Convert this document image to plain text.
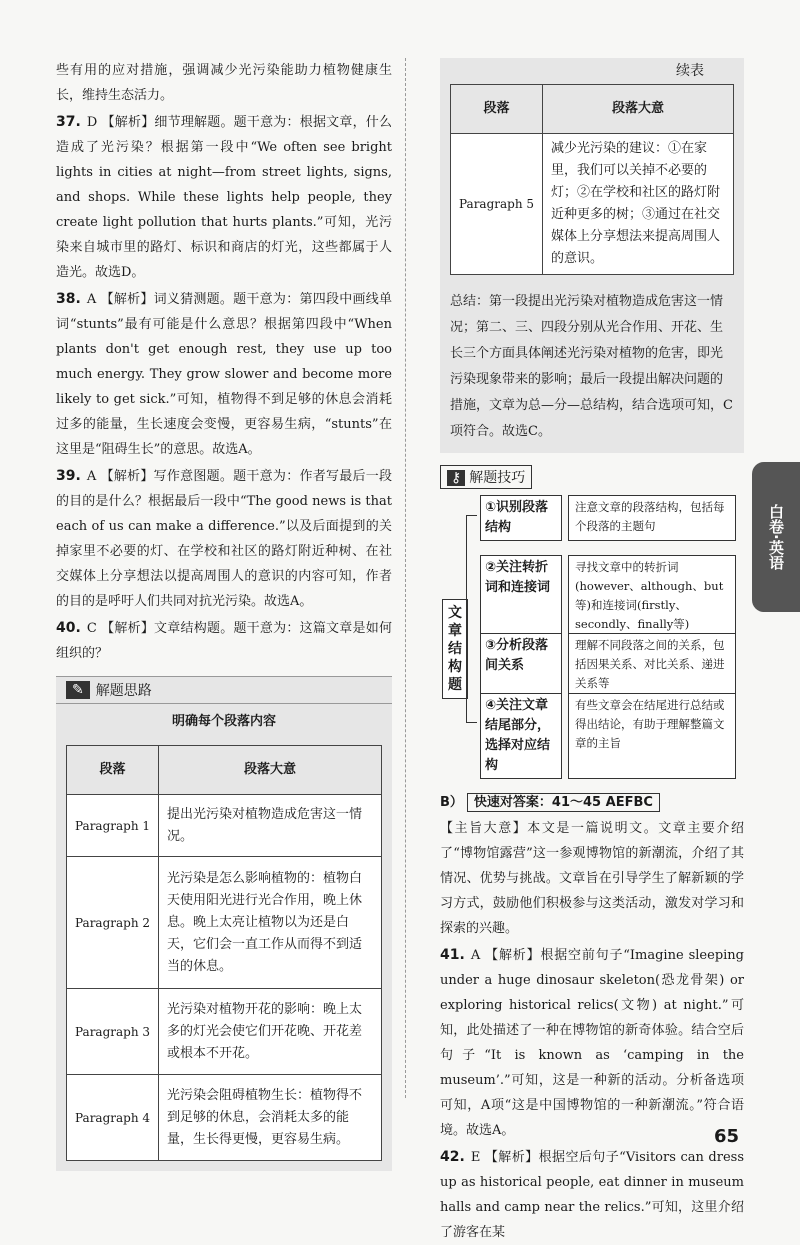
些有用的应对措施，强调减少光污染能助力植物健康生长，维持生态活力。

37. D 【解析】细节理解题。题干意为：根据文章，什么造成了光污染？根据第一段中“We often see bright lights in cities at night—from street lights, signs, and shops. While these lights help people, they create light pollution that hurts plants.”可知，光污染来自城市里的路灯、标识和商店的灯光，这些都属于人造光。故选D。

38. A 【解析】词义猜测题。题干意为：第四段中画线单词“stunts”最有可能是什么意思？根据第四段中“When plants don't get enough rest, they use up too much energy. They grow slower and become more likely to get sick.”可知，植物得不到足够的休息会消耗过多的能量，生长速度会变慢，更容易生病，“stunts”在这里是“阻碍生长”的意思。故选A。

39. A 【解析】写作意图题。题干意为：作者写最后一段的目的是什么？根据最后一段中“The good news is that each of us can make a difference.”以及后面提到的关掉家里不必要的灯、在学校和社区的路灯附近种树、在社交媒体上分享想法以提高周围人的意识的内容可知，作者的目的是呼吁人们共同对抗光污染。故选A。

40. C 【解析】文章结构题。题干意为：这篇文章是如何组织的？

✎ 解题思路
明确每个段落内容
段落	段落大意
Paragraph 1	提出光污染对植物造成危害这一情况。
Paragraph 2	光污染是怎么影响植物的：植物白天使用阳光进行光合作用，晚上休息。晚上太亮让植物以为还是白天，它们会一直工作从而得不到适当的休息。
Paragraph 3	光污染对植物开花的影响：晚上太多的灯光会使它们开花晚、开花差或根本不开花。
Paragraph 4	光污染会阻碍植物生长：植物得不到足够的休息，会消耗太多的能量，生长得更慢，更容易生病。
续表
段落	段落大意
Paragraph 5	减少光污染的建议：①在家里，我们可以关掉不必要的灯；②在学校和社区的路灯附近种更多的树；③通过在社交媒体上分享想法来提高周围人的意识。
总结：第一段提出光污染对植物造成危害这一情况；第二、三、四段分别从光合作用、开花、生长三个方面具体阐述光污染对植物的危害，即光污染现象带来的影响；最后一段提出解决问题的措施，文章为总—分—总结构，结合选项可知，C项符合。故选C。
⚷ 解题技巧
文章结构题
①识别段落结构
注意文章的段落结构，包括每个段落的主题句
②关注转折词和连接词
寻找文章中的转折词(however、although、but等)和连接词(firstly、secondly、finally等)
③分析段落间关系
理解不同段落之间的关系，包括因果关系、对比关系、递进关系等
④关注文章结尾部分，选择对应结构
有些文章会在结尾进行总结或得出结论，有助于理解整篇文章的主旨
B） 快速对答案：41～45 AEFBC

【主旨大意】本文是一篇说明文。文章主要介绍了“博物馆露营”这一参观博物馆的新潮流，介绍了其情况、优势与挑战。文章旨在引导学生了解新颖的学习方式，鼓励他们积极参与这类活动，激发对学习和探索的兴趣。

41. A 【解析】根据空前句子“Imagine sleeping under a huge dinosaur skeleton(恐龙骨架) or exploring historical relics(文物) at night.”可知，此处描述了一种在博物馆的新奇体验。结合空后句子“It is known as ‘camping in the museum’.”可知，这是一种新的活动。分析备选项可知，A项“这是中国博物馆的一种新潮流。”符合语境。故选A。

42. E 【解析】根据空后句子“Visitors can dress up as historical people, eat dinner in museum halls and camp near the relics.”可知，这里介绍了游客在某

白卷·英语
65
